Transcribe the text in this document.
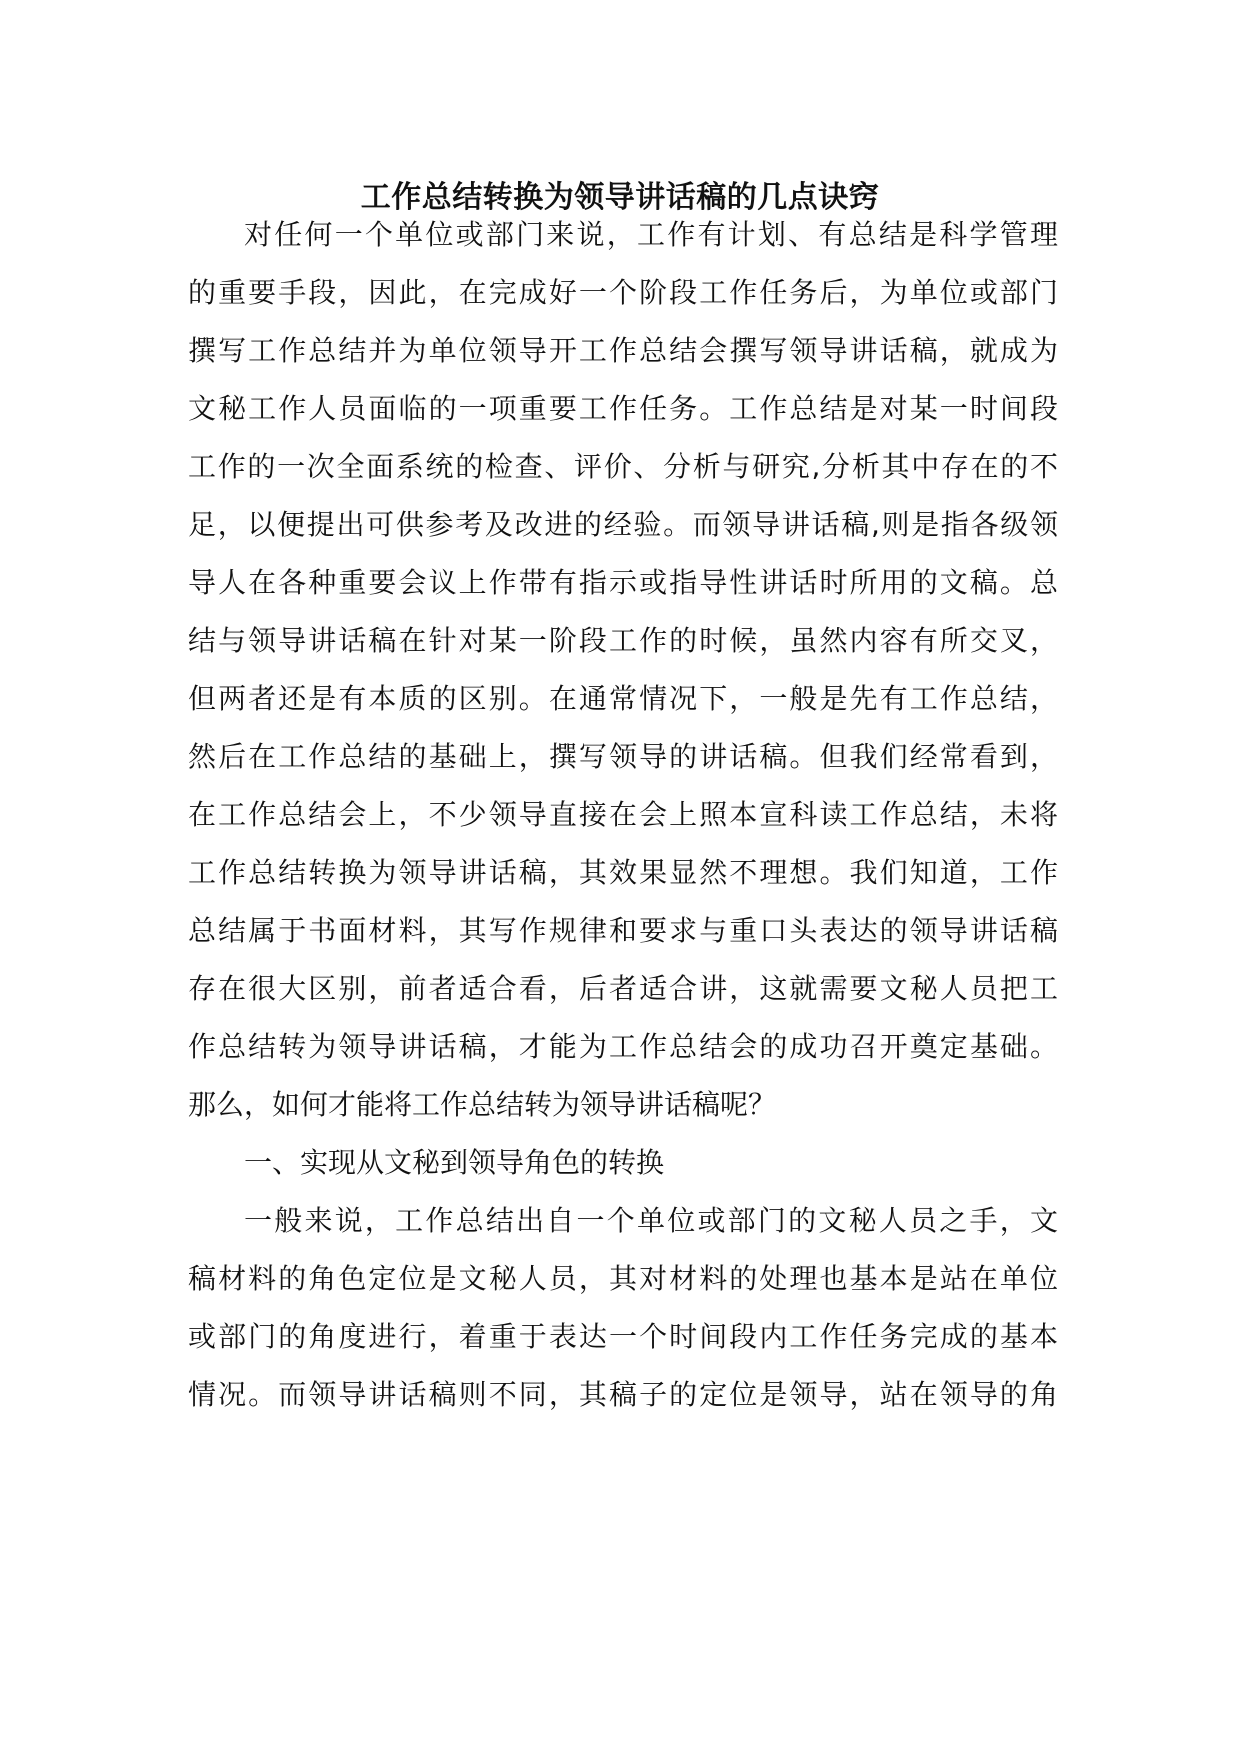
工作总结转换为领导讲话稿的几点诀窍

对任何一个单位或部门来说，工作有计划、有总结是科学管理

的重要手段，因此，在完成好一个阶段工作任务后，为单位或部门

撰写工作总结并为单位领导开工作总结会撰写领导讲话稿，就成为

文秘工作人员面临的一项重要工作任务。工作总结是对某一时间段

工作的一次全面系统的检查、评价、分析与研究,分析其中存在的不

足，以便提出可供参考及改进的经验。而领导讲话稿,则是指各级领

导人在各种重要会议上作带有指示或指导性讲话时所用的文稿。总

结与领导讲话稿在针对某一阶段工作的时候，虽然内容有所交叉，

但两者还是有本质的区别。在通常情况下，一般是先有工作总结，

然后在工作总结的基础上，撰写领导的讲话稿。但我们经常看到，

在工作总结会上，不少领导直接在会上照本宣科读工作总结，未将

工作总结转换为领导讲话稿，其效果显然不理想。我们知道，工作

总结属于书面材料，其写作规律和要求与重口头表达的领导讲话稿

存在很大区别，前者适合看，后者适合讲，这就需要文秘人员把工

作总结转为领导讲话稿，才能为工作总结会的成功召开奠定基础。

那么，如何才能将工作总结转为领导讲话稿呢？

一、实现从文秘到领导角色的转换

一般来说，工作总结出自一个单位或部门的文秘人员之手，文

稿材料的角色定位是文秘人员，其对材料的处理也基本是站在单位

或部门的角度进行，着重于表达一个时间段内工作任务完成的基本

情况。而领导讲话稿则不同，其稿子的定位是领导，站在领导的角
